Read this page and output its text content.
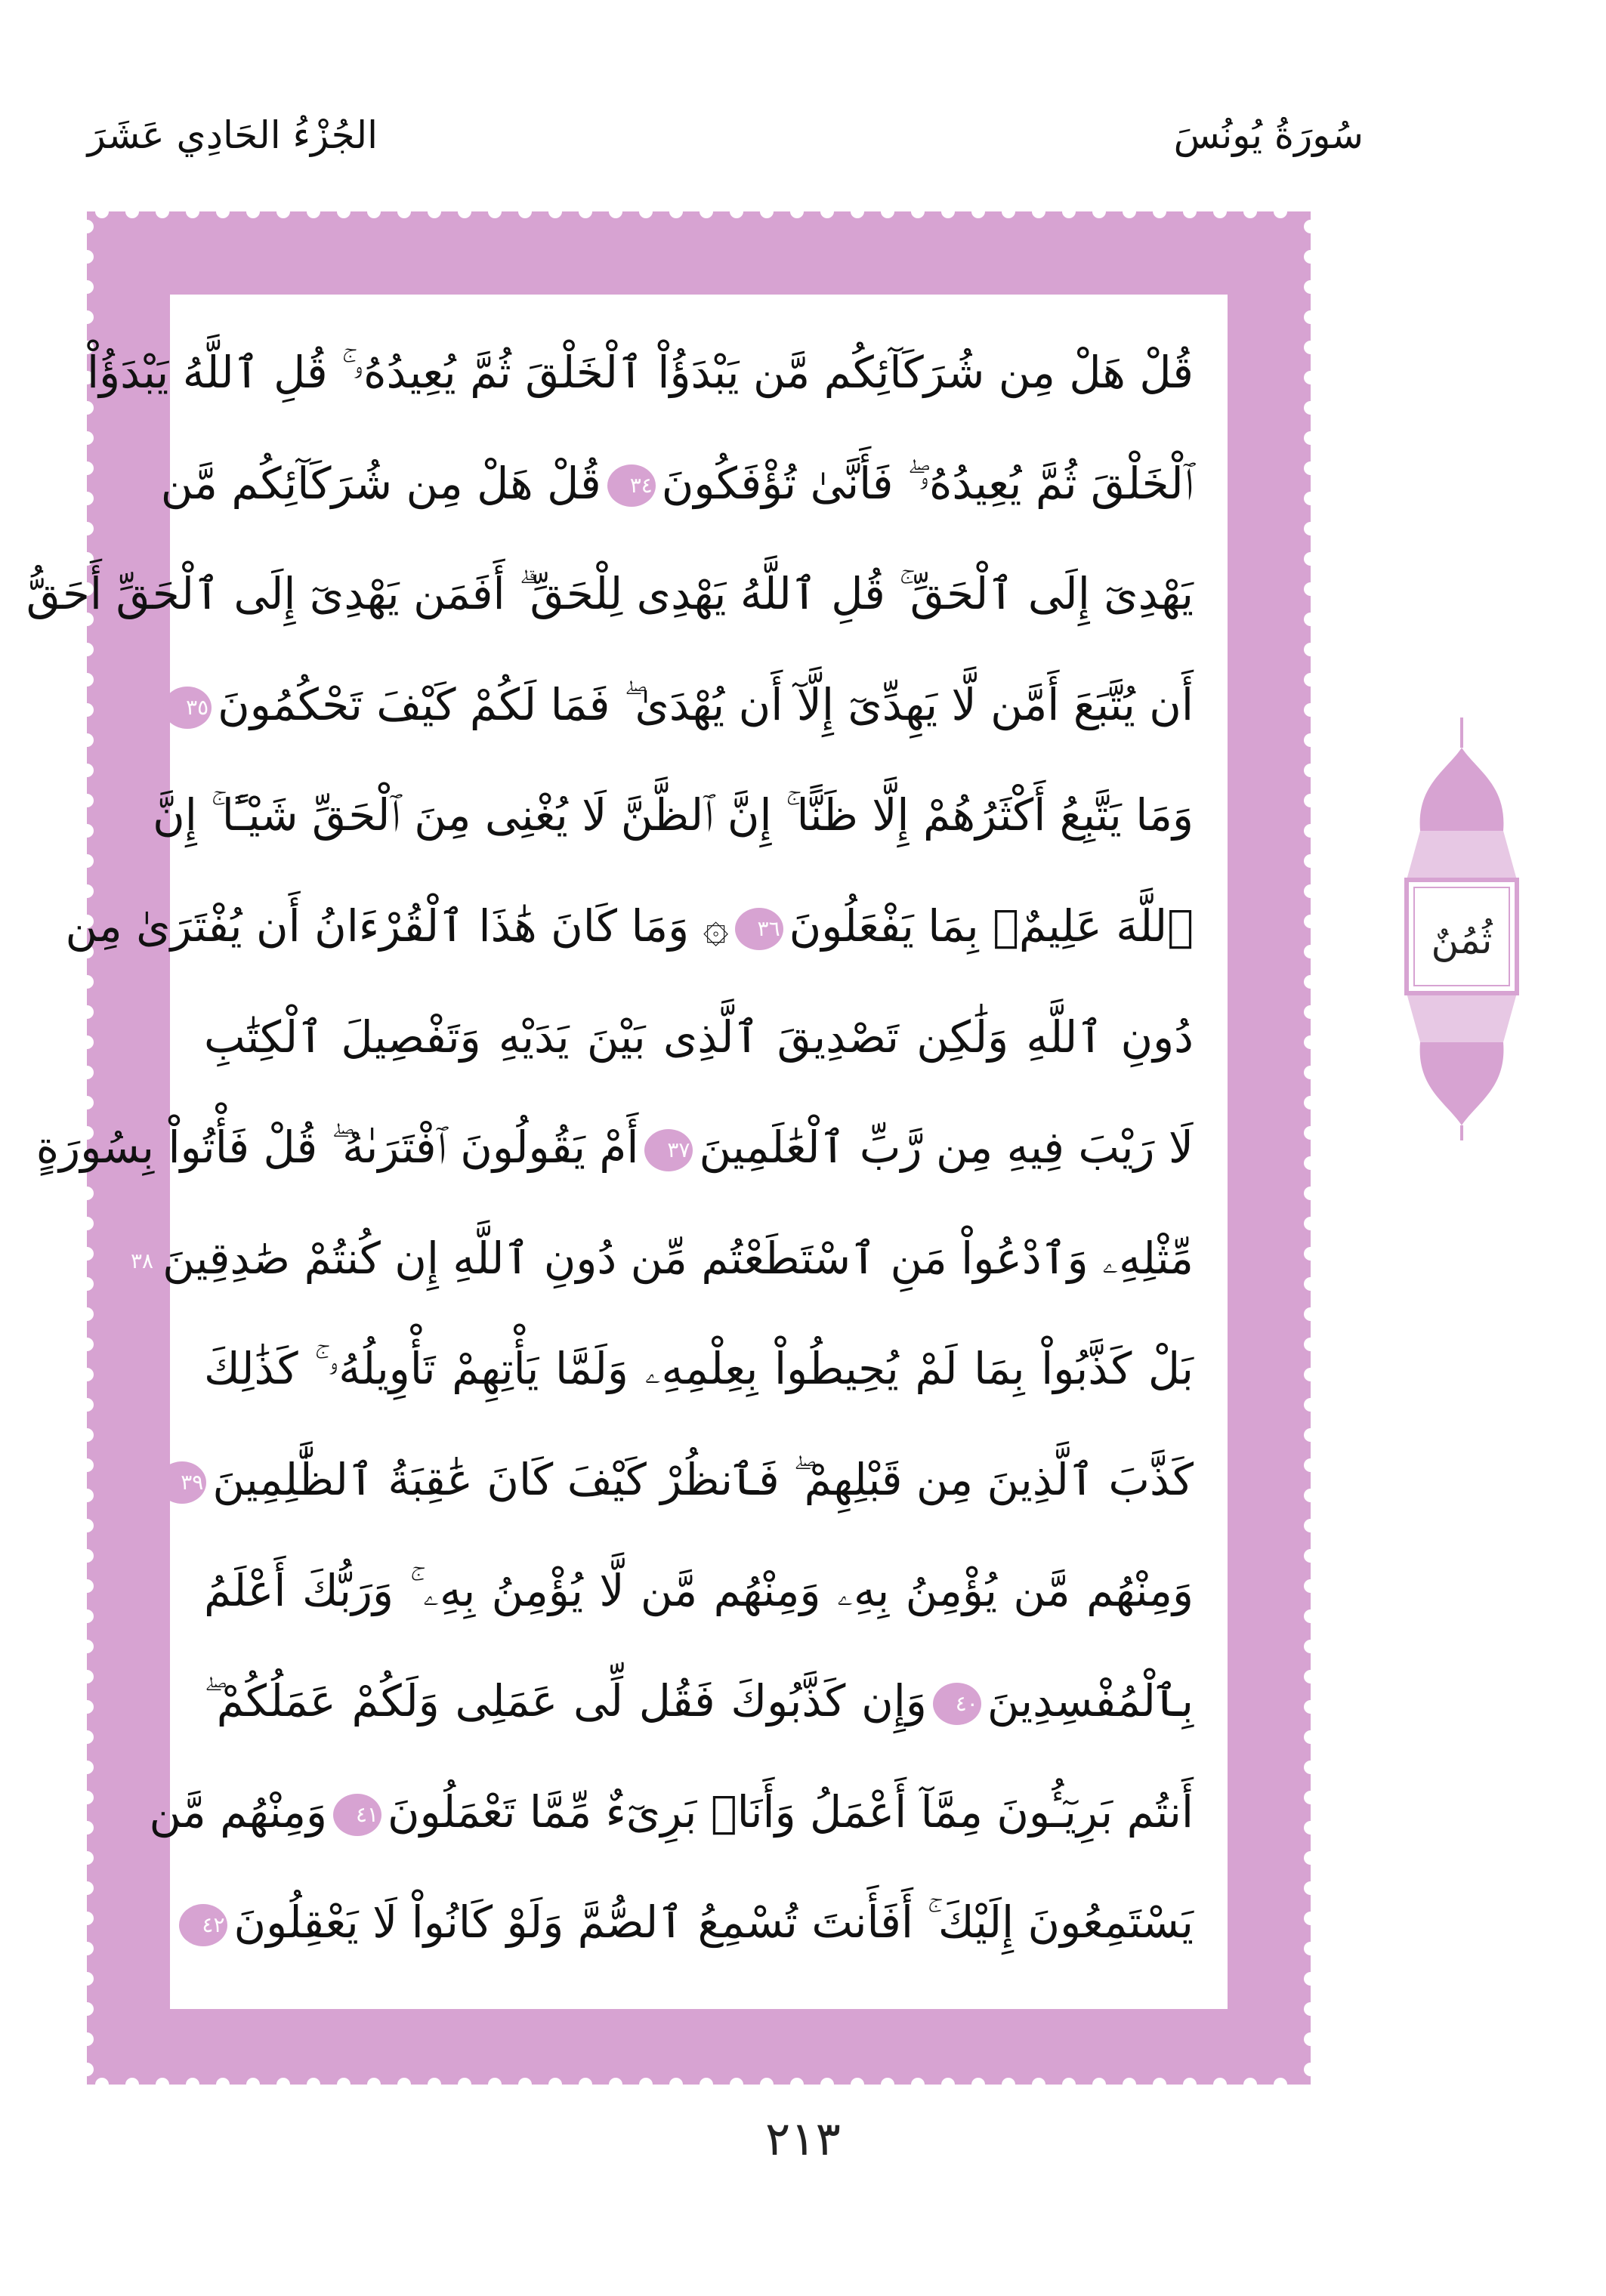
سُورَةُ يُونُسَ
الجُزْءُ الحَادِي عَشَرَ
قُلْ هَلْ مِن شُرَكَآئِكُم مَّن يَبْدَؤُاْ ٱلْخَلْقَ ثُمَّ يُعِيدُهُۥ ۚ قُلِ ٱللَّهُ يَبْدَؤُاْ
ٱلْخَلْقَ ثُمَّ يُعِيدُهُۥ ۖ فَأَنَّىٰ تُؤْفَكُونَ٣٤قُلْ هَلْ مِن شُرَكَآئِكُم مَّن
يَهْدِىٓ إِلَى ٱلْحَقِّ ۚ قُلِ ٱللَّهُ يَهْدِى لِلْحَقِّ ۗ أَفَمَن يَهْدِىٓ إِلَى ٱلْحَقِّ أَحَقُّ
أَن يُتَّبَعَ أَمَّن لَّا يَهِدِّىٓ إِلَّآ أَن يُهْدَىٰ ۖ فَمَا لَكُمْ كَيْفَ تَحْكُمُونَ٣٥
وَمَا يَتَّبِعُ أَكْثَرُهُمْ إِلَّا ظَنًّا ۚ إِنَّ ٱلظَّنَّ لَا يُغْنِى مِنَ ٱلْحَقِّ شَيْـًٔا ۚ إِنَّ
ٱللَّهَ عَلِيمٌۢ بِمَا يَفْعَلُونَ٣٦۞ وَمَا كَانَ هَٰذَا ٱلْقُرْءَانُ أَن يُفْتَرَىٰ مِن
دُونِ ٱللَّهِ وَلَٰكِن تَصْدِيقَ ٱلَّذِى بَيْنَ يَدَيْهِ وَتَفْصِيلَ ٱلْكِتَٰبِ
لَا رَيْبَ فِيهِ مِن رَّبِّ ٱلْعَٰلَمِينَ٣٧أَمْ يَقُولُونَ ٱفْتَرَىٰهُ ۖ قُلْ فَأْتُواْ بِسُورَةٍ
مِّثْلِهِۦ وَٱدْعُواْ مَنِ ٱسْتَطَعْتُم مِّن دُونِ ٱللَّهِ إِن كُنتُمْ صَٰدِقِينَ٣٨
بَلْ كَذَّبُواْ بِمَا لَمْ يُحِيطُواْ بِعِلْمِهِۦ وَلَمَّا يَأْتِهِمْ تَأْوِيلُهُۥ ۚ كَذَٰلِكَ
كَذَّبَ ٱلَّذِينَ مِن قَبْلِهِمْ ۖ فَٱنظُرْ كَيْفَ كَانَ عَٰقِبَةُ ٱلظَّٰلِمِينَ٣٩
وَمِنْهُم مَّن يُؤْمِنُ بِهِۦ وَمِنْهُم مَّن لَّا يُؤْمِنُ بِهِۦ ۚ وَرَبُّكَ أَعْلَمُ
بِٱلْمُفْسِدِينَ٤٠وَإِن كَذَّبُوكَ فَقُل لِّى عَمَلِى وَلَكُمْ عَمَلُكُمْ ۖ
أَنتُم بَرِيٓـُٔونَ مِمَّآ أَعْمَلُ وَأَنَا۠ بَرِىٓءٌ مِّمَّا تَعْمَلُونَ٤١وَمِنْهُم مَّن
يَسْتَمِعُونَ إِلَيْكَ ۚ أَفَأَنتَ تُسْمِعُ ٱلصُّمَّ وَلَوْ كَانُواْ لَا يَعْقِلُونَ٤٢
ثُمُنٌ
٢١٣
